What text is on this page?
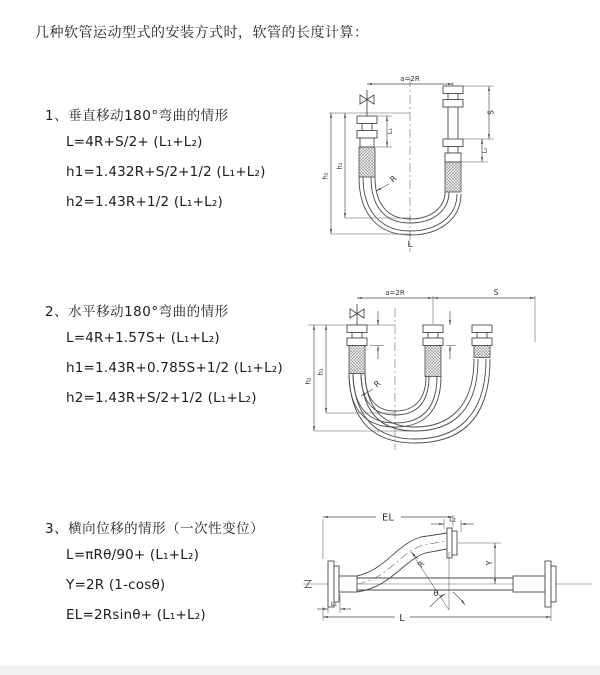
几种软管运动型式的安装方式时，软管的长度计算：
1、垂直移动180°弯曲的情形
L=4R+S/2+ (L₁+L₂)
h1=1.432R+S/2+1/2 (L₁+L₂)
h2=1.43R+1/2 (L₁+L₂)
2、水平移动180°弯曲的情形
L=4R+1.57S+ (L₁+L₂)
h1=1.43R+0.785S+1/2 (L₁+L₂)
h2=1.43R+S/2+1/2 (L₁+L₂)
3、横向位移的情形（一次性变位）
L=πRθ/90+ (L₁+L₂)
Y=2R (1-cosθ)
EL=2Rsinθ+ (L₁+L₂)
a=2R
L₁
h₁
h₂
S
L₂
R
L
a=2R	S
h₁
h₂	R
EL	L₂
Y
R
θ
L₁
L
